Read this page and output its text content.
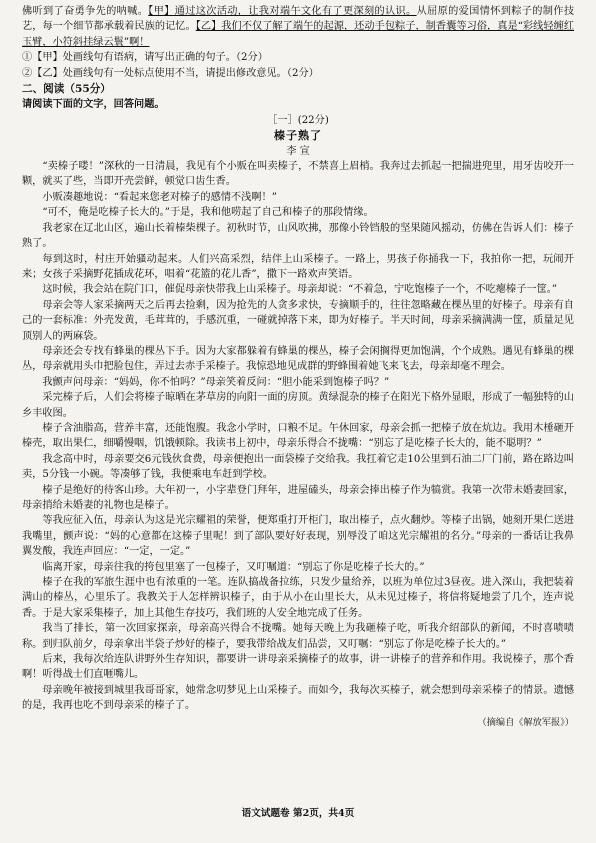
佛听到了奋勇争先的呐喊。【甲】通过这次活动，让我对端午文化有了更深刻的认识。从屈原的爱国情怀到粽子的制作技艺，每一个细节都承载着民族的记忆。【乙】我们不仅了解了端午的起源，还动手包粽子，制香囊等习俗，真是“彩线轻缠红玉臂，小符斜挂绿云鬟”啊！

①【甲】处画线句有语病，请写出正确的句子。（2分）

②【乙】处画线句有一处标点使用不当，请提出修改意见。（2分）

二、阅读（55分）

请阅读下面的文字，回答问题。

［一］(22分)

榛子熟了

李 宣

“卖榛子喽！”深秋的一日清晨，我见有个小贩在叫卖榛子，不禁喜上眉梢。我奔过去抓起一把揣进兜里，用牙齿咬开一颗，就买了些，当即开壳尝鲜，顿觉口齿生香。

小贩凑趣地说：“看起来您老对榛子的感情不浅啊！”

“可不，俺是吃榛子长大的。”于是，我和他唠起了自己和榛子的那段情缘。

我老家在辽北山区，遍山长着榛柴棵子。初秋时节，山风吹拂，那像小铃铛般的坚果随风摇动，仿佛在告诉人们：榛子熟了。

每到这时，村庄开始骚动起来。人们兴高采烈，结伴上山采榛子。一路上，男孩子你捅我一下，我拍你一把，玩闹开来；女孩子采摘野花插成花环，唱着“花篮的花儿香”，撒下一路欢声笑语。

这时候，我会站在院门口，催促母亲快带我上山采榛子。母亲却说：“不着急，宁吃饱榛子一个，不吃瘪榛子一筐。”

母亲会等人家采摘两天之后再去捡剩，因为抢先的人贪多求快，专摘顺手的，往往忽略藏在棵丛里的好榛子。母亲有自己的一套标准：外壳发黄，毛茸茸的，手感沉重，一碰就掉落下来，即为好榛子。半天时间，母亲采摘满满一筐，质量足见顶别人的两麻袋。

母亲还会专找有蜂巢的棵丛下手。因为大家都躲着有蜂巢的棵丛，榛子会闲搁得更加饱满，个个成熟。遇见有蜂巢的棵丛，母亲就用头巾把脸包住，弄过去赤手采榛子。我惊恐地见成群的野蜂围着她飞来飞去，母亲却毫不理会。

我颤声问母亲：“妈妈，你不怕吗？”母亲笑着反问：“胆小能采到饱榛子吗？”

采完榛子后，人们会将榛子晾晒在茅草房的向阳一面的房顶。黄绿混杂的榛子在阳光下格外显眼，形成了一幅独特的山乡丰收图。

榛子含油脂高，营养丰富，还能饱腹。我念小学时，口粮不足。午休回家，母亲会抓一把榛子放在炕边。我用木棰砸开榛壳，取出果仁，细嚼慢咽，饥饿顿除。我读书上初中，母亲乐得合不拢嘴：“别忘了是吃榛子长大的，能不聪明？”

我念高中时，母亲要交6元钱伙食费，母亲便抱出一面袋榛子交给我。我扛着它走10公里到石油二厂门前，路在路边叫卖，5分钱一小碗。等凑够了钱，我便乘电车赶到学校。

榛子是绝好的待客山珍。大年初一，小字辈登门拜年，进屋磕头，母亲会捧出榛子作为犒赏。我第一次带未婚妻回家，母亲捎给未婚妻的礼物也是榛子。

等我应征入伍，母亲认为这是光宗耀祖的荣誉，便郑重打开柜门，取出榛子，点火翻炒。等榛子出锅，她刻开果仁送进我嘴里，颤声说：“妈的心意都在这榛子里呢！到了部队要好好表现，别辱没了咱这光宗耀祖的名分。”母亲的一番话让我鼻翼发酸，我连声回应：“一定，一定。”

临离开家，母亲往我的挎包里塞了一包榛子，又叮嘱道：“别忘了你是吃榛子长大的。”

榛子在我的军旅生涯中也有浓重的一笔。连队搞战备拉练，只发少量给养，以班为单位过3昼夜。进入深山，我把装着满山的榛丛，心里乐了。我教关于人怎样辨识榛子，由于从小在山里长大，从未见过榛子，将信将疑地尝了几个，连声说香。于是大家采集榛子，加上其他生存技巧，我们班的人安全地完成了任务。

我当了排长，第一次回家探亲，母亲高兴得合不拢嘴。她每天晚上为我砸榛子吃，听我介绍部队的新闻，不时喜啧啧称。到归队前夕，母亲拿出半袋子炒好的榛子，要我带给战友们品尝，又叮嘱：“别忘了你是吃榛子长大的。”

后来，我每次给连队讲野外生存知识，都要讲一讲母亲采摘榛子的故事，讲一讲榛子的营养和作用。我说榛子，那个香啊！听得战士们直咂嘴儿。

母亲晚年被接到城里我哥哥家，她常念叨梦见上山采榛子。而如今，我每次买榛子，就会想到母亲采榛子的情景。遗憾的是，我再也吃不到母亲采的榛子了。

（摘编自《解放军报》）

语文试题卷 第2页，共4页
